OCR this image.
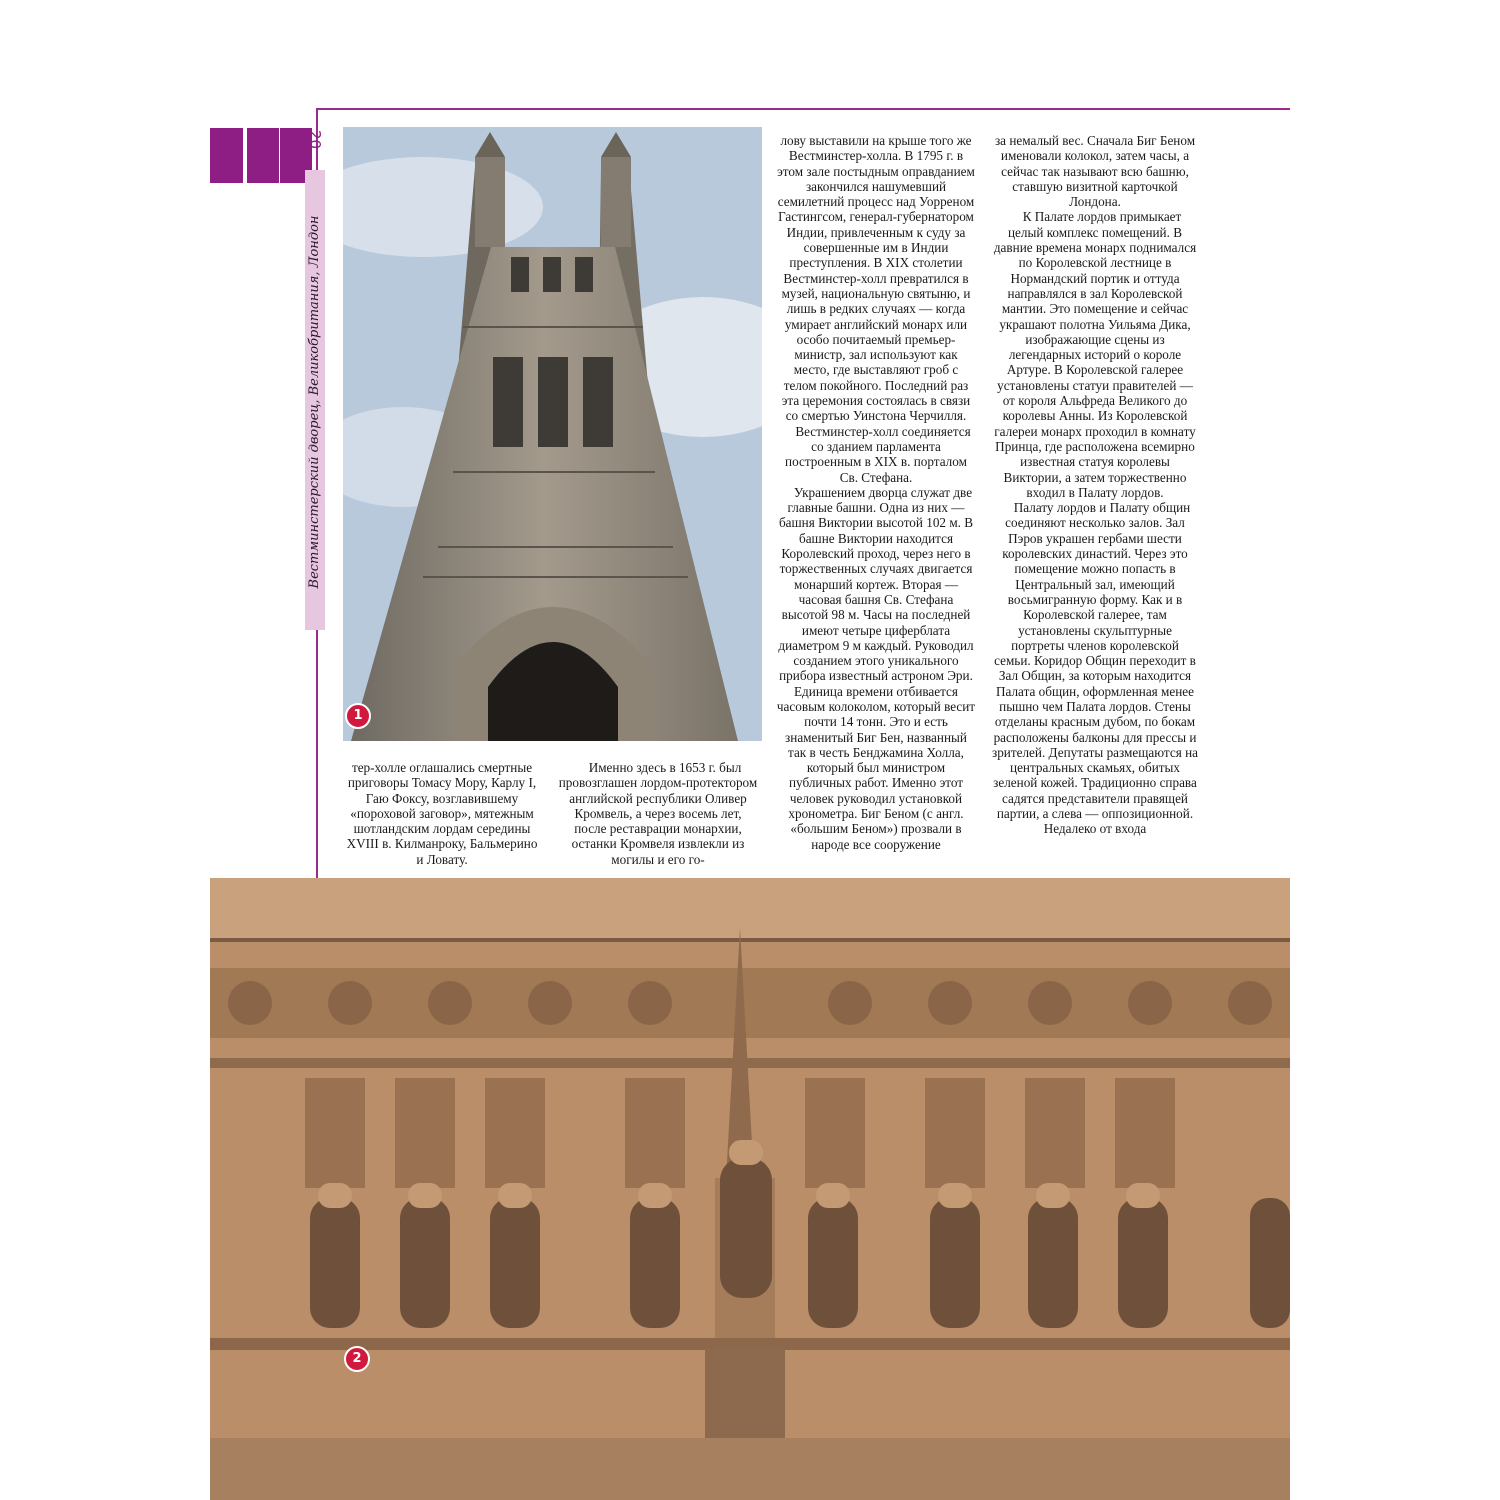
20
Вестминстерский дворец, Великобритания, Лондон
1

тер-холле оглашались смертные приговоры Томасу Мору, Карлу I, Гаю Фоксу, возглавившему «пороховой заговор», мятежным шотландским лордам середины XVIII в. Килманроку, Бальмерино и Ловату.

Именно здесь в 1653 г. был провозглашен лордом-протектором английской республики Оливер Кромвель, а через восемь лет, после реставрации монархии, останки Кромвеля извлекли из могилы и его го-

лову выставили на крыше того же Вестминстер-холла. В 1795 г. в этом зале постыдным оправданием закончился нашумевший семилетний процесс над Уорреном Гастингсом, генерал-губернатором Индии, привлеченным к суду за совершенные им в Индии преступления. В XIX столетии Вестминстер-холл превратился в музей, национальную святыню, и лишь в редких случаях — когда умирает английский монарх или особо почитаемый премьер-министр, зал используют как место, где выставляют гроб с телом покойного. Последний раз эта церемония состоялась в связи со смертью Уинстона Черчилля.

Вестминстер-холл соединяется со зданием парламента построенным в XIX в. порталом Св. Стефана.

Украшением дворца служат две главные башни. Одна из них — башня Виктории высотой 102 м. В башне Виктории находится Королевский проход, через него в торжественных случаях двигается монарший кортеж. Вторая — часовая башня Св. Стефана высотой 98 м. Часы на последней имеют четыре циферблата диаметром 9 м каждый. Руководил созданием этого уникального прибора известный астроном Эри. Единица времени отбивается часовым колоколом, который весит почти 14 тонн. Это и есть знаменитый Биг Бен, названный так в честь Бенджамина Холла, который был министром публичных работ. Именно этот человек руководил установкой хронометра. Биг Беном (с англ. «большим Беном») прозвали в народе все сооружение

за немалый вес. Сначала Биг Беном именовали колокол, затем часы, а сейчас так называют всю башню, ставшую визитной карточкой Лондона.

К Палате лордов примыкает целый комплекс помещений. В давние времена монарх поднимался по Королевской лестнице в Нормандский портик и оттуда направлялся в зал Королевской мантии. Это помещение и сейчас украшают полотна Уильяма Дика, изображающие сцены из легендарных историй о короле Артуре. В Королевской галерее установлены статуи правителей — от короля Альфреда Великого до королевы Анны. Из Королевской галереи монарх проходил в комнату Принца, где расположена всемирно известная статуя королевы Виктории, а затем торжественно входил в Палату лордов.

Палату лордов и Палату общин соединяют несколько залов. Зал Пэров украшен гербами шести королевских династий. Через это помещение можно попасть в Центральный зал, имеющий восьмигранную форму. Как и в Королевской галерее, там установлены скульптурные портреты членов королевской семьи. Коридор Общин переходит в Зал Общин, за которым находится Палата общин, оформленная менее пышно чем Палата лордов. Стены отделаны красным дубом, по бокам расположены балконы для прессы и зрителей. Депутаты размещаются на центральных скамьях, обитых зеленой кожей. Традиционно справа садятся представители правящей партии, а слева — оппозиционной. Недалеко от входа

2
